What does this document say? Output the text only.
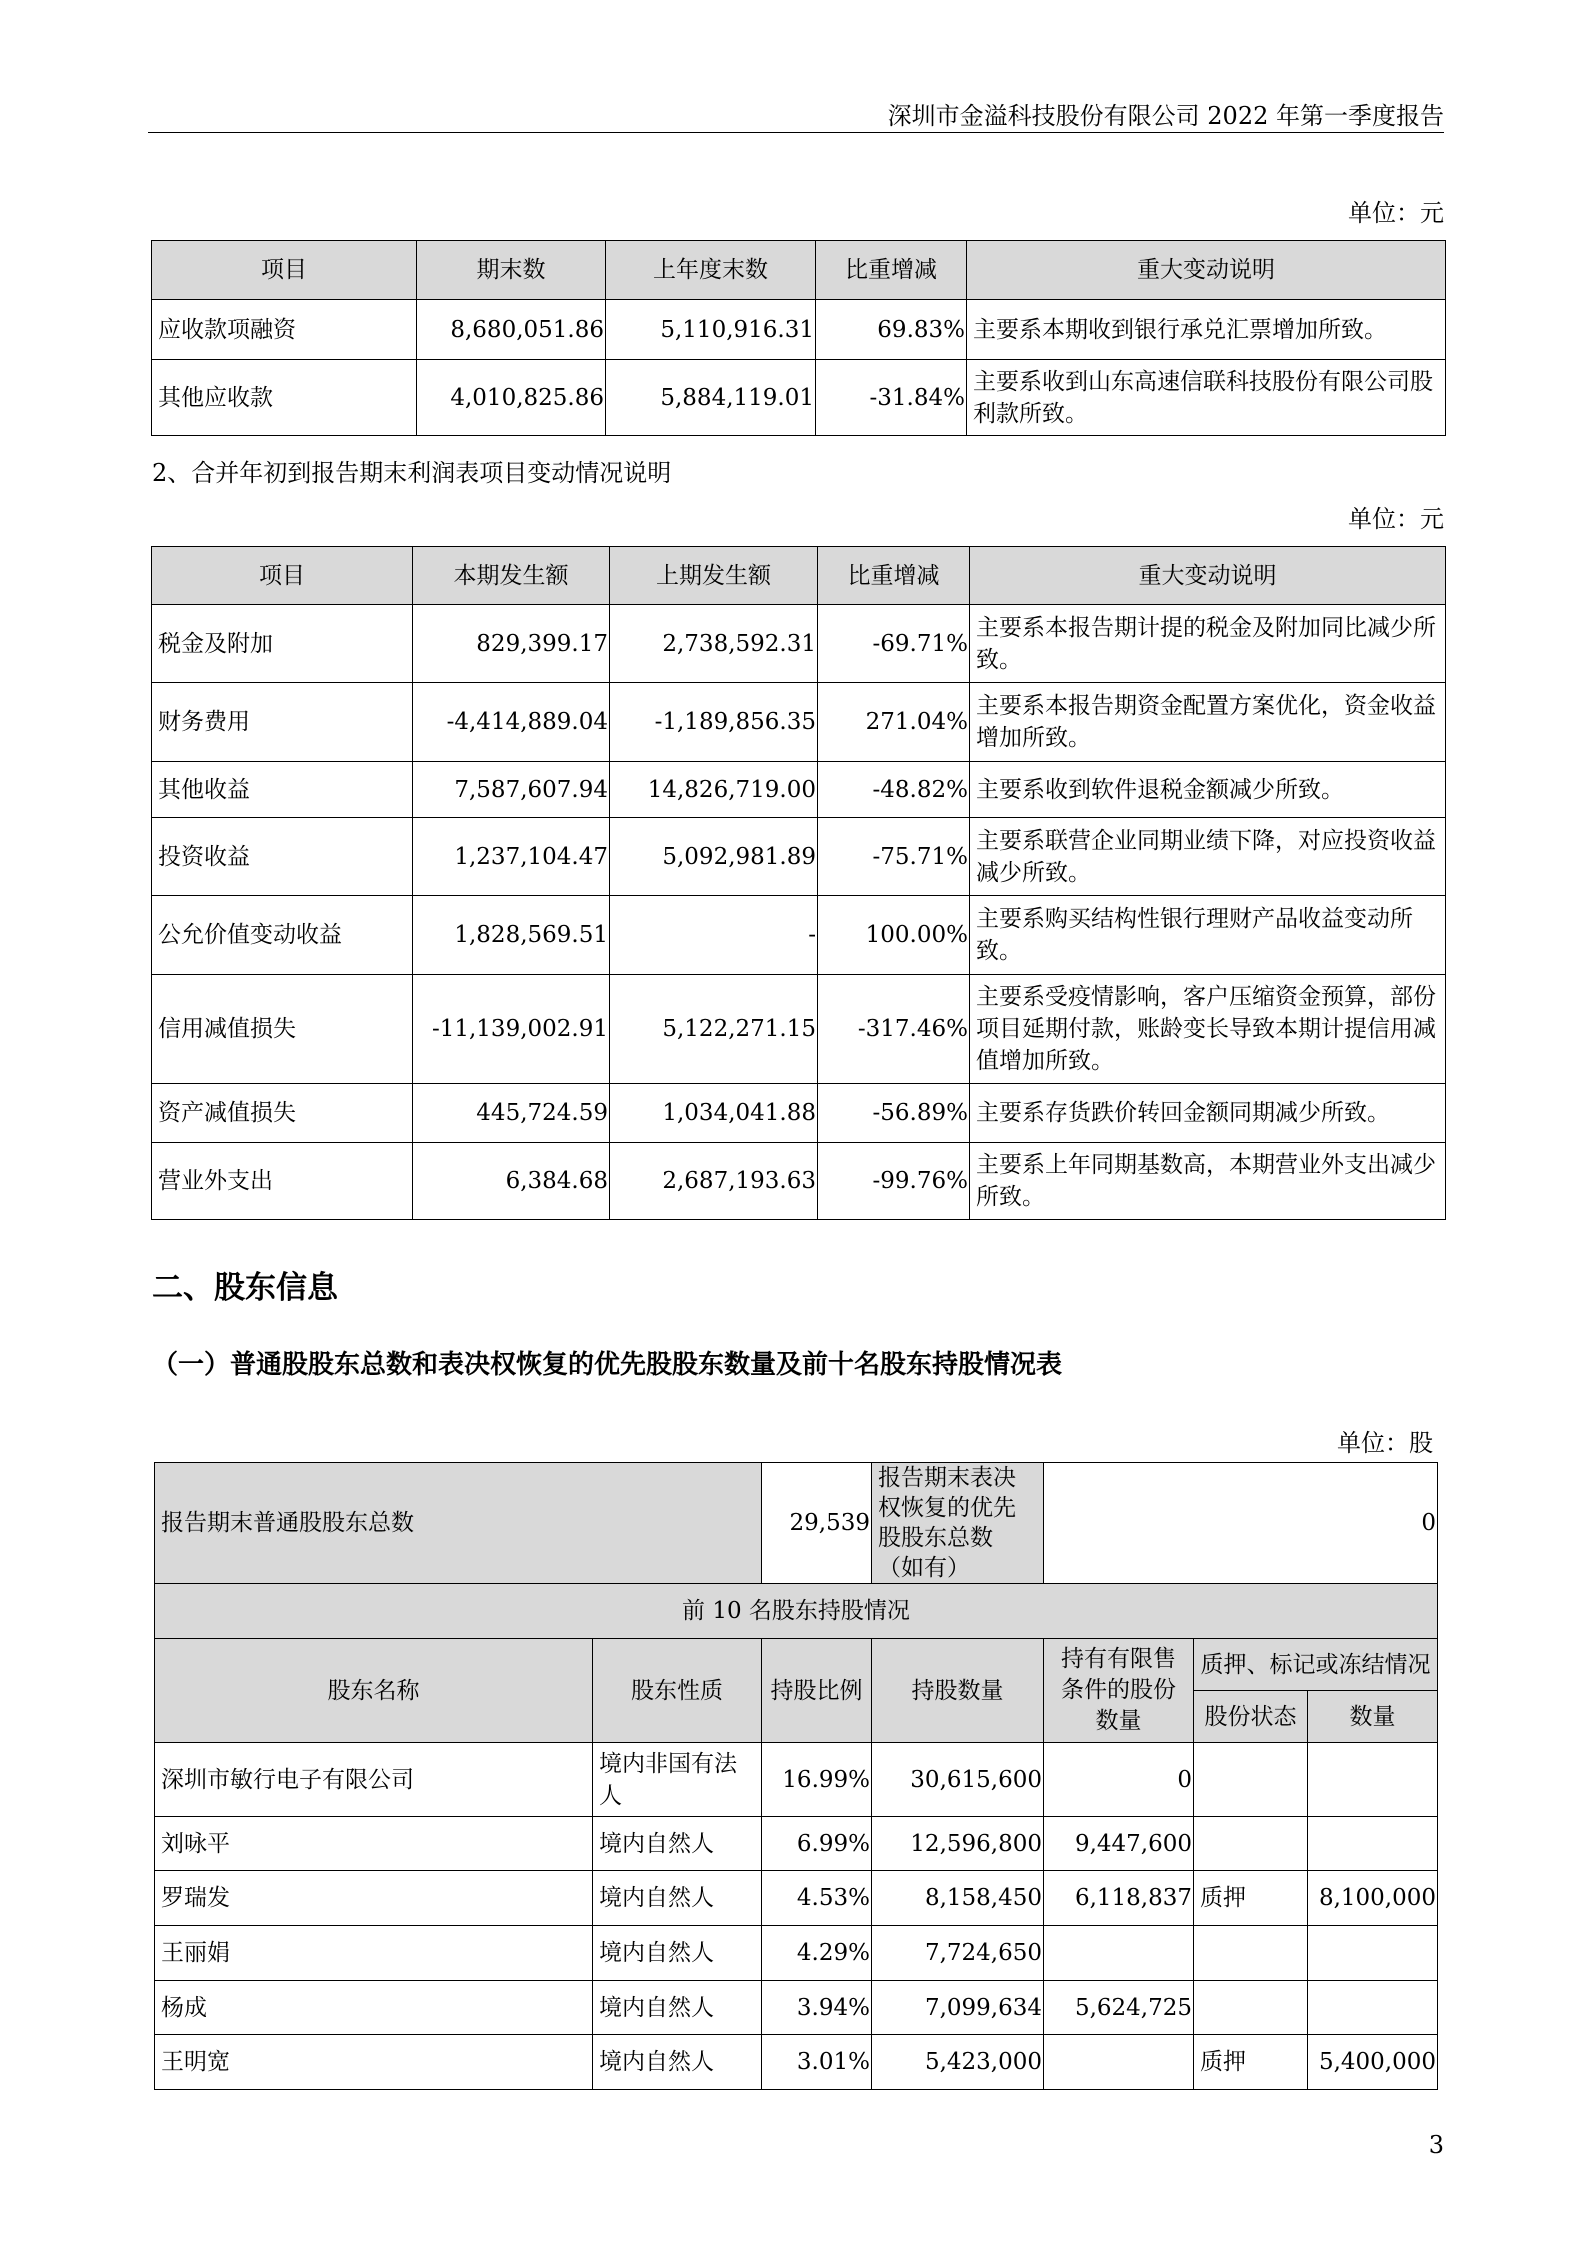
深圳市金溢科技股份有限公司 2022 年第一季度报告
单位：元
项目	期末数	上年度末数	比重增减	重大变动说明
应收款项融资	8,680,051.86	5,110,916.31	69.83%	主要系本期收到银行承兑汇票增加所致。
其他应收款	4,010,825.86	5,884,119.01	-31.84%	主要系收到山东高速信联科技股份有限公司股利款所致。
2、合并年初到报告期末利润表项目变动情况说明
单位：元
项目	本期发生额	上期发生额	比重增减	重大变动说明
税金及附加	829,399.17	2,738,592.31	-69.71%	主要系本报告期计提的税金及附加同比减少所致。
财务费用	-4,414,889.04	-1,189,856.35	271.04%	主要系本报告期资金配置方案优化，资金收益增加所致。
其他收益	7,587,607.94	14,826,719.00	-48.82%	主要系收到软件退税金额减少所致。
投资收益	1,237,104.47	5,092,981.89	-75.71%	主要系联营企业同期业绩下降，对应投资收益减少所致。
公允价值变动收益	1,828,569.51	-	100.00%	主要系购买结构性银行理财产品收益变动所致。
信用减值损失	-11,139,002.91	5,122,271.15	-317.46%	主要系受疫情影响，客户压缩资金预算，部份项目延期付款，账龄变长导致本期计提信用减值增加所致。
资产减值损失	445,724.59	1,034,041.88	-56.89%	主要系存货跌价转回金额同期减少所致。
营业外支出	6,384.68	2,687,193.63	-99.76%	主要系上年同期基数高，本期营业外支出减少所致。
二、股东信息
（一）普通股股东总数和表决权恢复的优先股股东数量及前十名股东持股情况表
单位：股
报告期末普通股股东总数		29,539	报告期末表决权恢复的优先股股东总数（如有）	0		
前 10 名股东持股情况						
股东名称	股东性质	持股比例	持股数量	持有有限售条件的股份数量	质押、标记或冻结情况	
					股份状态	数量
深圳市敏行电子有限公司	境内非国有法人	16.99%	30,615,600	0		
刘咏平	境内自然人	6.99%	12,596,800	9,447,600		
罗瑞发	境内自然人	4.53%	8,158,450	6,118,837	质押	8,100,000
王丽娟	境内自然人	4.29%	7,724,650			
杨成	境内自然人	3.94%	7,099,634	5,624,725		
王明宽	境内自然人	3.01%	5,423,000		质押	5,400,000
3
